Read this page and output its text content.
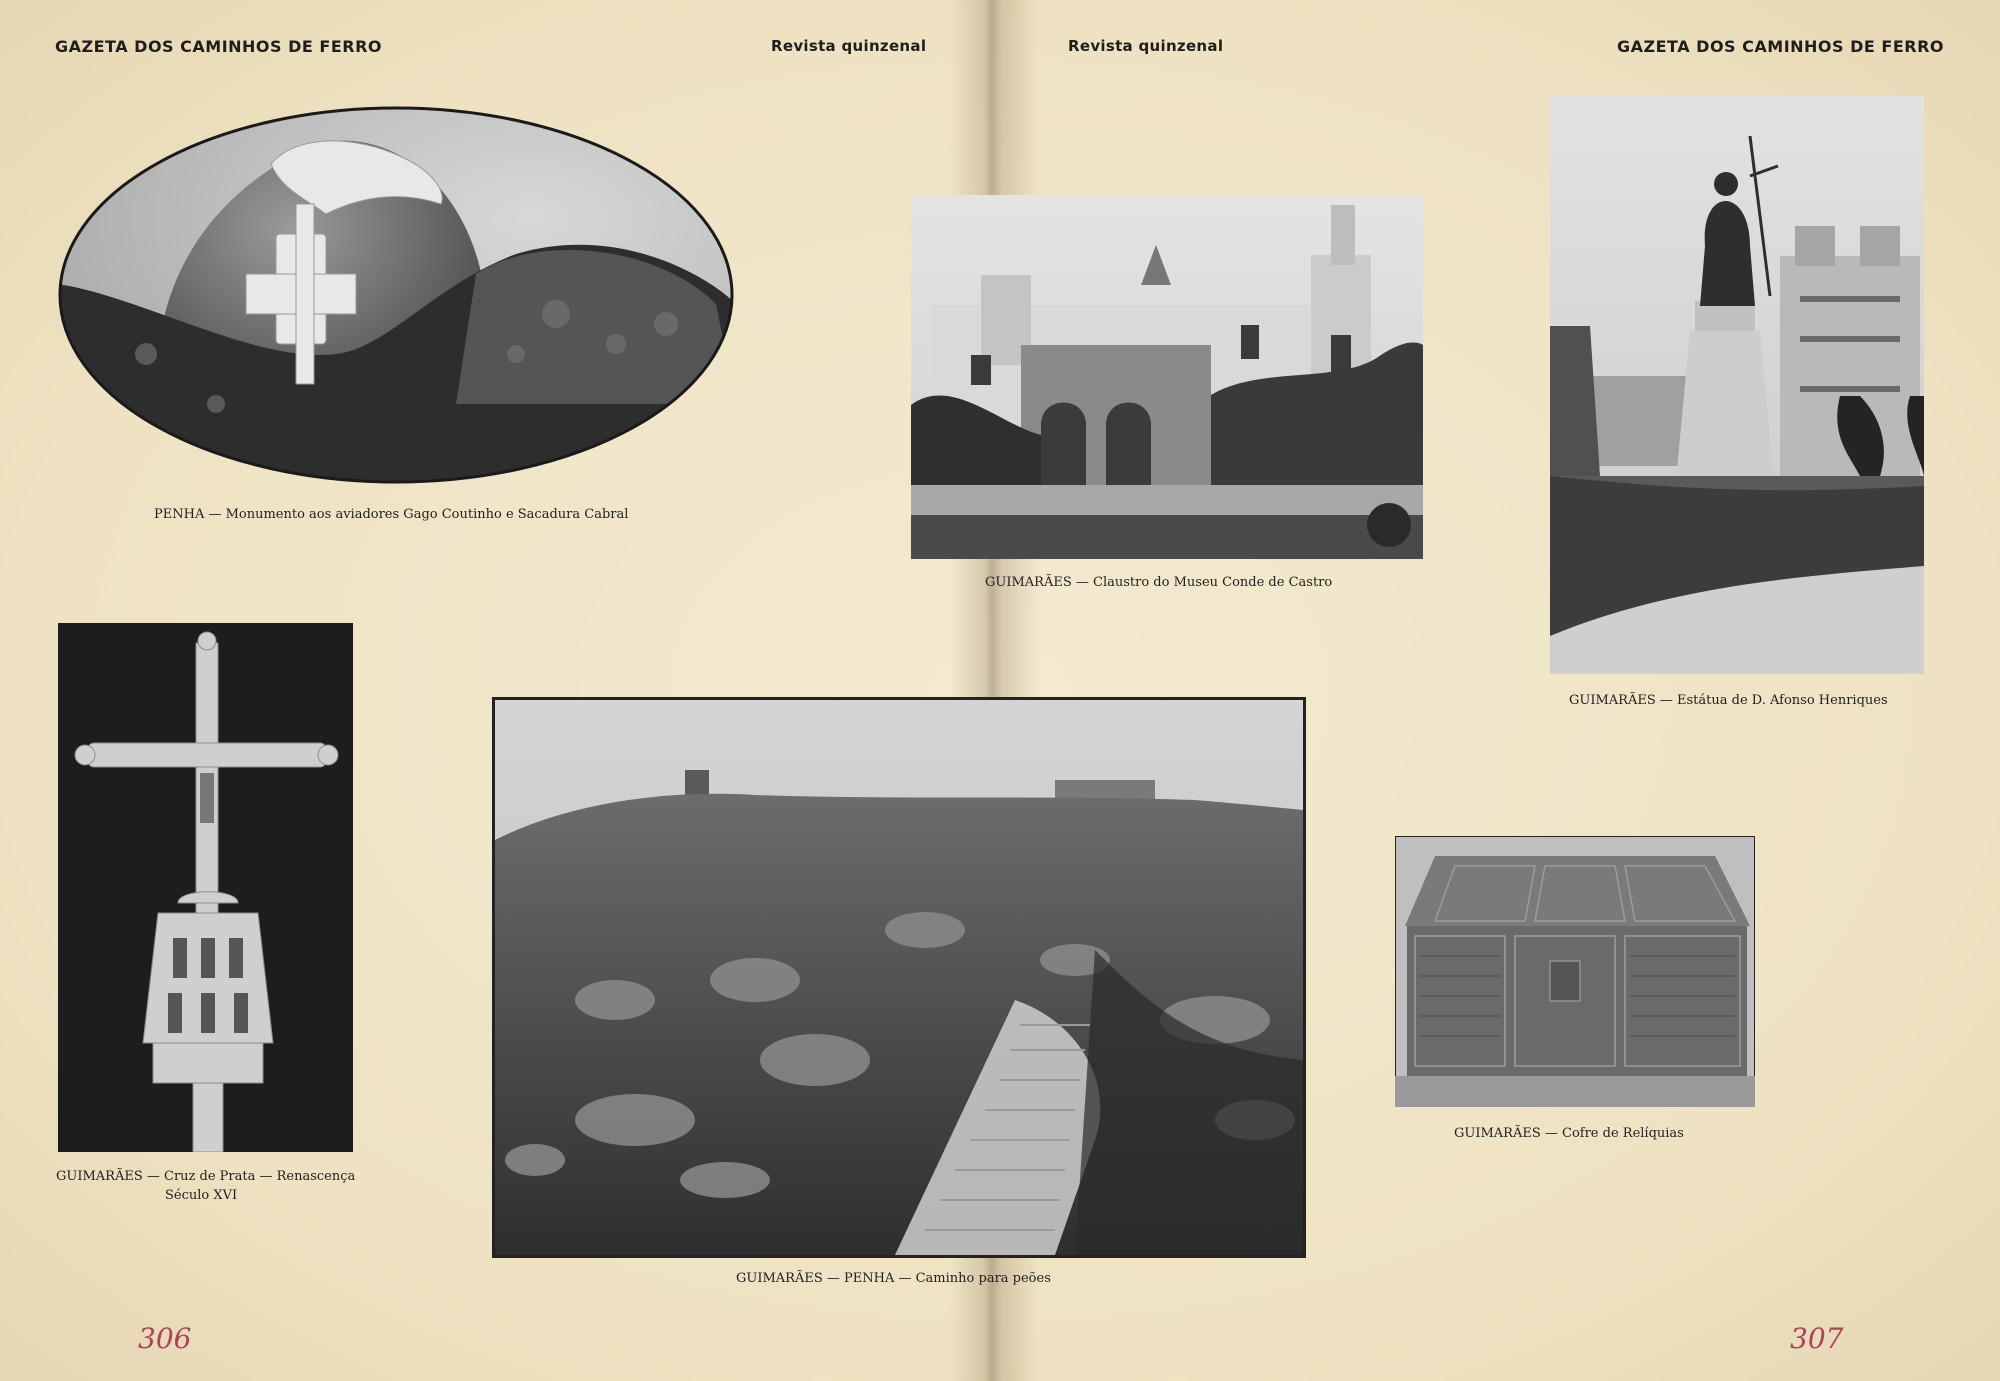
GAZETA DOS CAMINHOS DE FERRO	Revista quinzenal	Revista quinzenal	GAZETA DOS CAMINHOS DE FERRO
PENHA — Monumento aos aviadores Gago Coutinho e Sacadura Cabral
GUIMARÃES — Claustro do Museu Conde de Castro
GUIMARÃES — Estátua de D. Afonso Henriques
GUIMARÃES — Cruz de Prata — Renascença
Século XVI
GUIMARÃES — PENHA — Caminho para peões
GUIMARÃES — Cofre de Relíquias
306	307
